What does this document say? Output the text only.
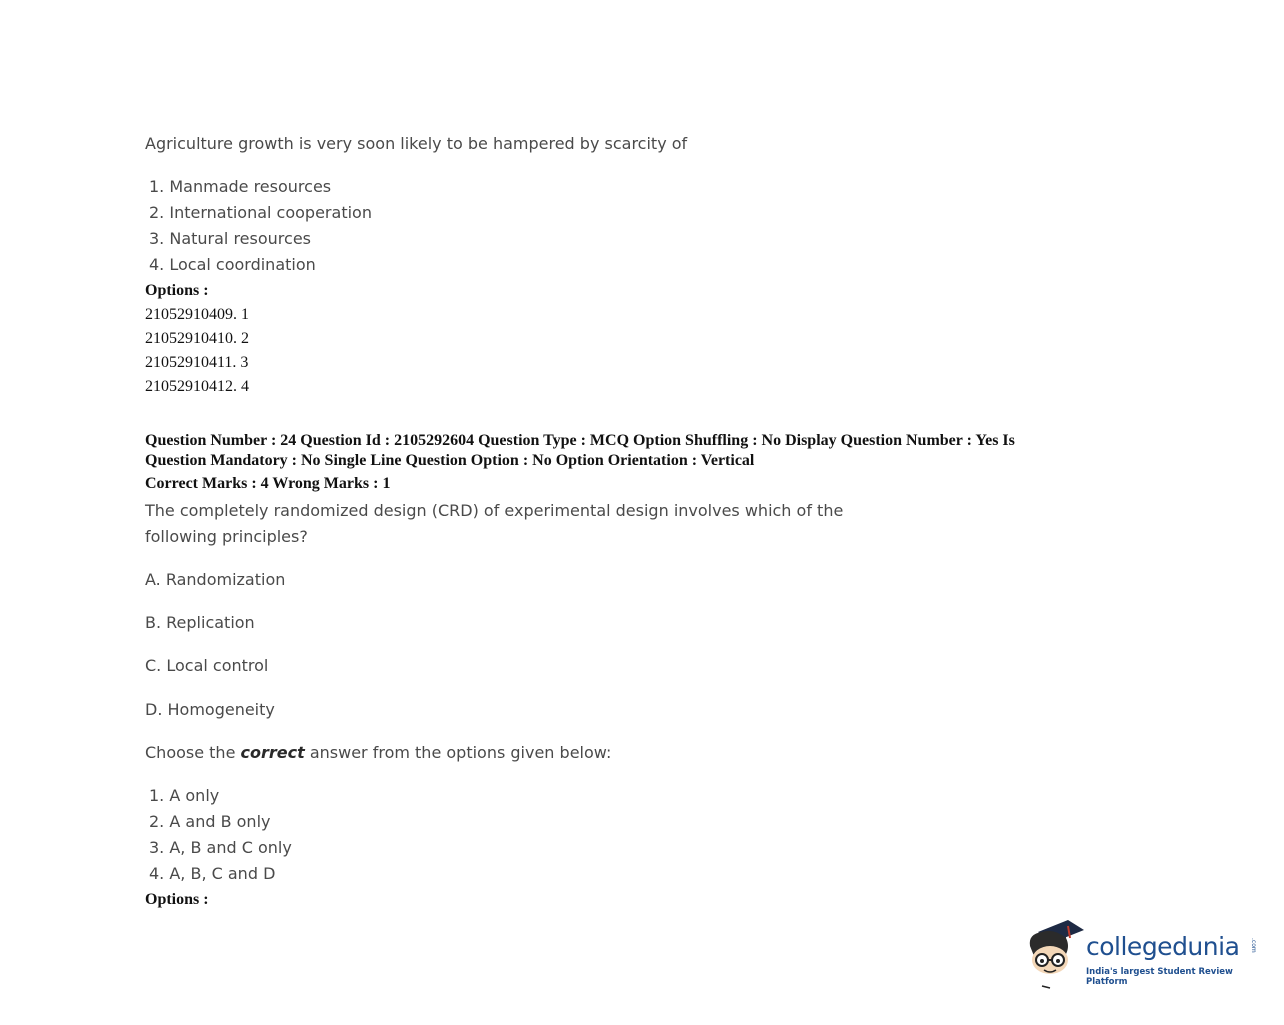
Agriculture growth is very soon likely to be hampered by scarcity of
1. Manmade resources
2. International cooperation
3. Natural resources
4. Local coordination
Options :
21052910409. 1
21052910410. 2
21052910411. 3
21052910412. 4
Question Number : 24 Question Id : 2105292604 Question Type : MCQ Option Shuffling : No Display Question Number : Yes Is
Question Mandatory : No Single Line Question Option : No Option Orientation : Vertical
Correct Marks : 4 Wrong Marks : 1
The completely randomized design (CRD) of experimental design involves which of the
following principles?
A. Randomization
B. Replication
C. Local control
D. Homogeneity
Choose the correct answer from the options given below:
1. A only
2. A and B only
3. A, B and C only
4. A, B, C and D
Options :
collegedunia .com
India's largest Student Review Platform
